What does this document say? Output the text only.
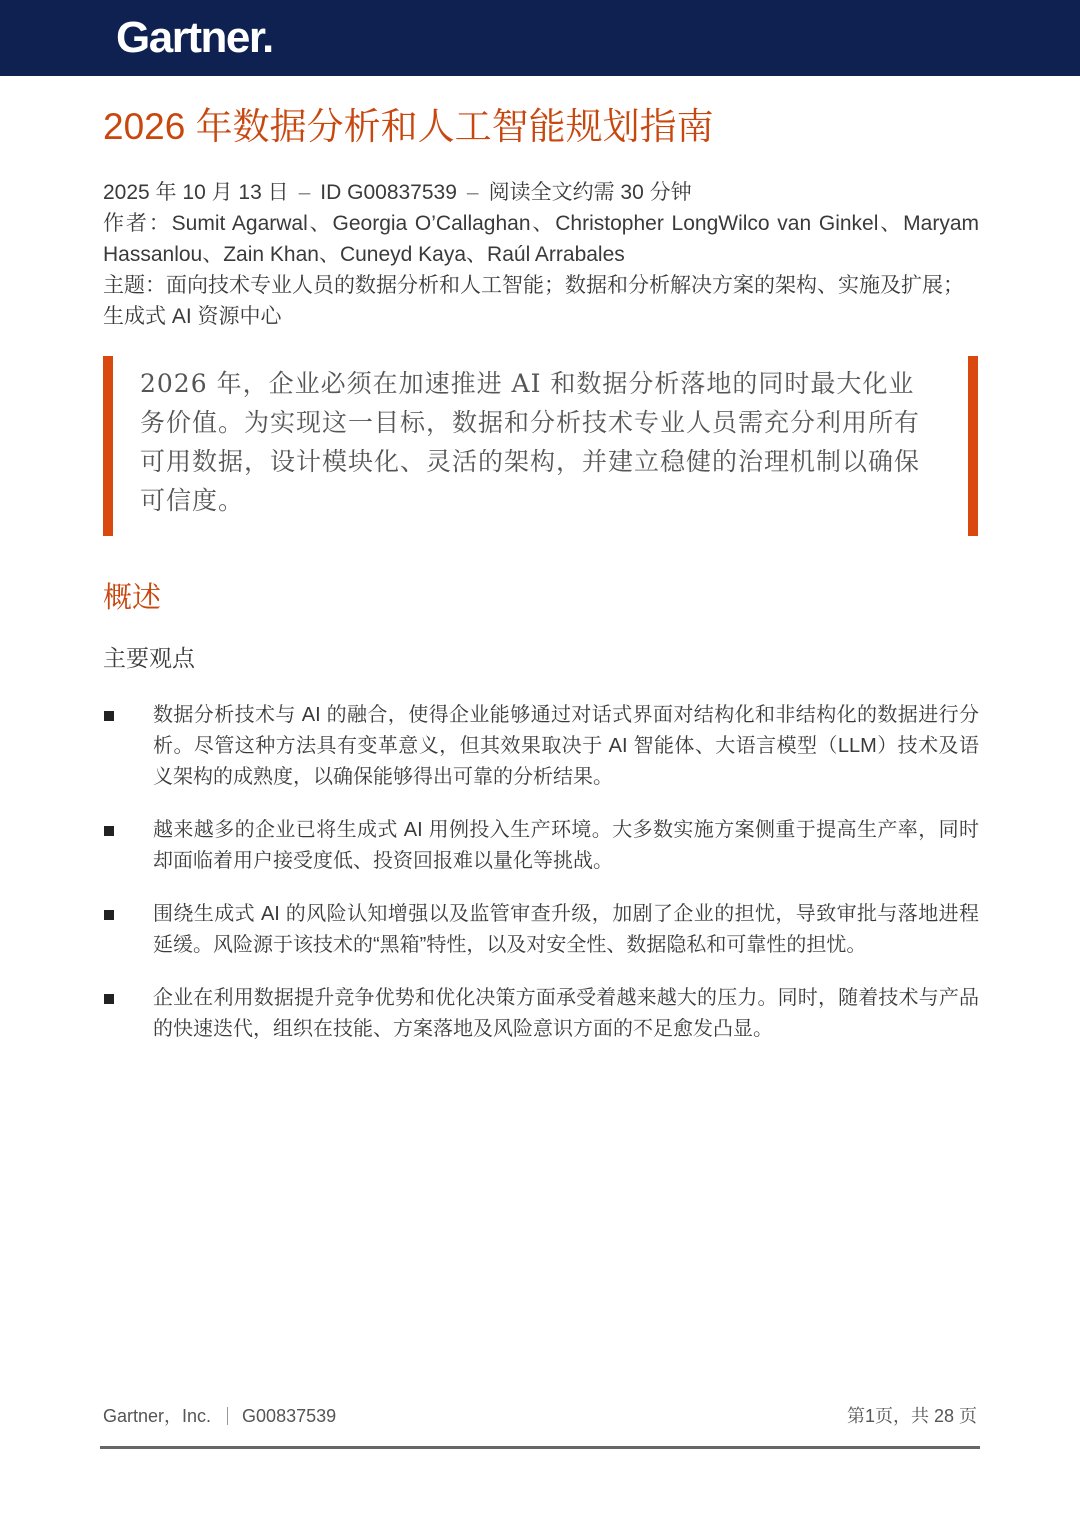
Gartner.
2026 年数据分析和人工智能规划指南
2025 年 10 月 13 日 – ID G00837539 – 阅读全文约需 30 分钟
作者：Sumit Agarwal、Georgia O’Callaghan、Christopher LongWilco van Ginkel、Maryam Hassanlou、Zain Khan、Cuneyd Kaya、Raúl Arrabales
主题：面向技术专业人员的数据分析和人工智能；数据和分析解决方案的架构、实施及扩展；生成式 AI 资源中心
2026 年，企业必须在加速推进 AI 和数据分析落地的同时最大化业务价值。为实现这一目标，数据和分析技术专业人员需充分利用所有可用数据，设计模块化、灵活的架构，并建立稳健的治理机制以确保可信度。
概述
主要观点
数据分析技术与 AI 的融合，使得企业能够通过对话式界面对结构化和非结构化的数据进行分析。尽管这种方法具有变革意义，但其效果取决于 AI 智能体、大语言模型（LLM）技术及语义架构的成熟度，以确保能够得出可靠的分析结果。
越来越多的企业已将生成式 AI 用例投入生产环境。大多数实施方案侧重于提高生产率，同时却面临着用户接受度低、投资回报难以量化等挑战。
围绕生成式 AI 的风险认知增强以及监管审查升级，加剧了企业的担忧，导致审批与落地进程延缓。风险源于该技术的“黑箱”特性，以及对安全性、数据隐私和可靠性的担忧。
企业在利用数据提升竞争优势和优化决策方面承受着越来越大的压力。同时，随着技术与产品的快速迭代，组织在技能、方案落地及风险意识方面的不足愈发凸显。
Gartner，Inc. G00837539	第1页，共 28 页
